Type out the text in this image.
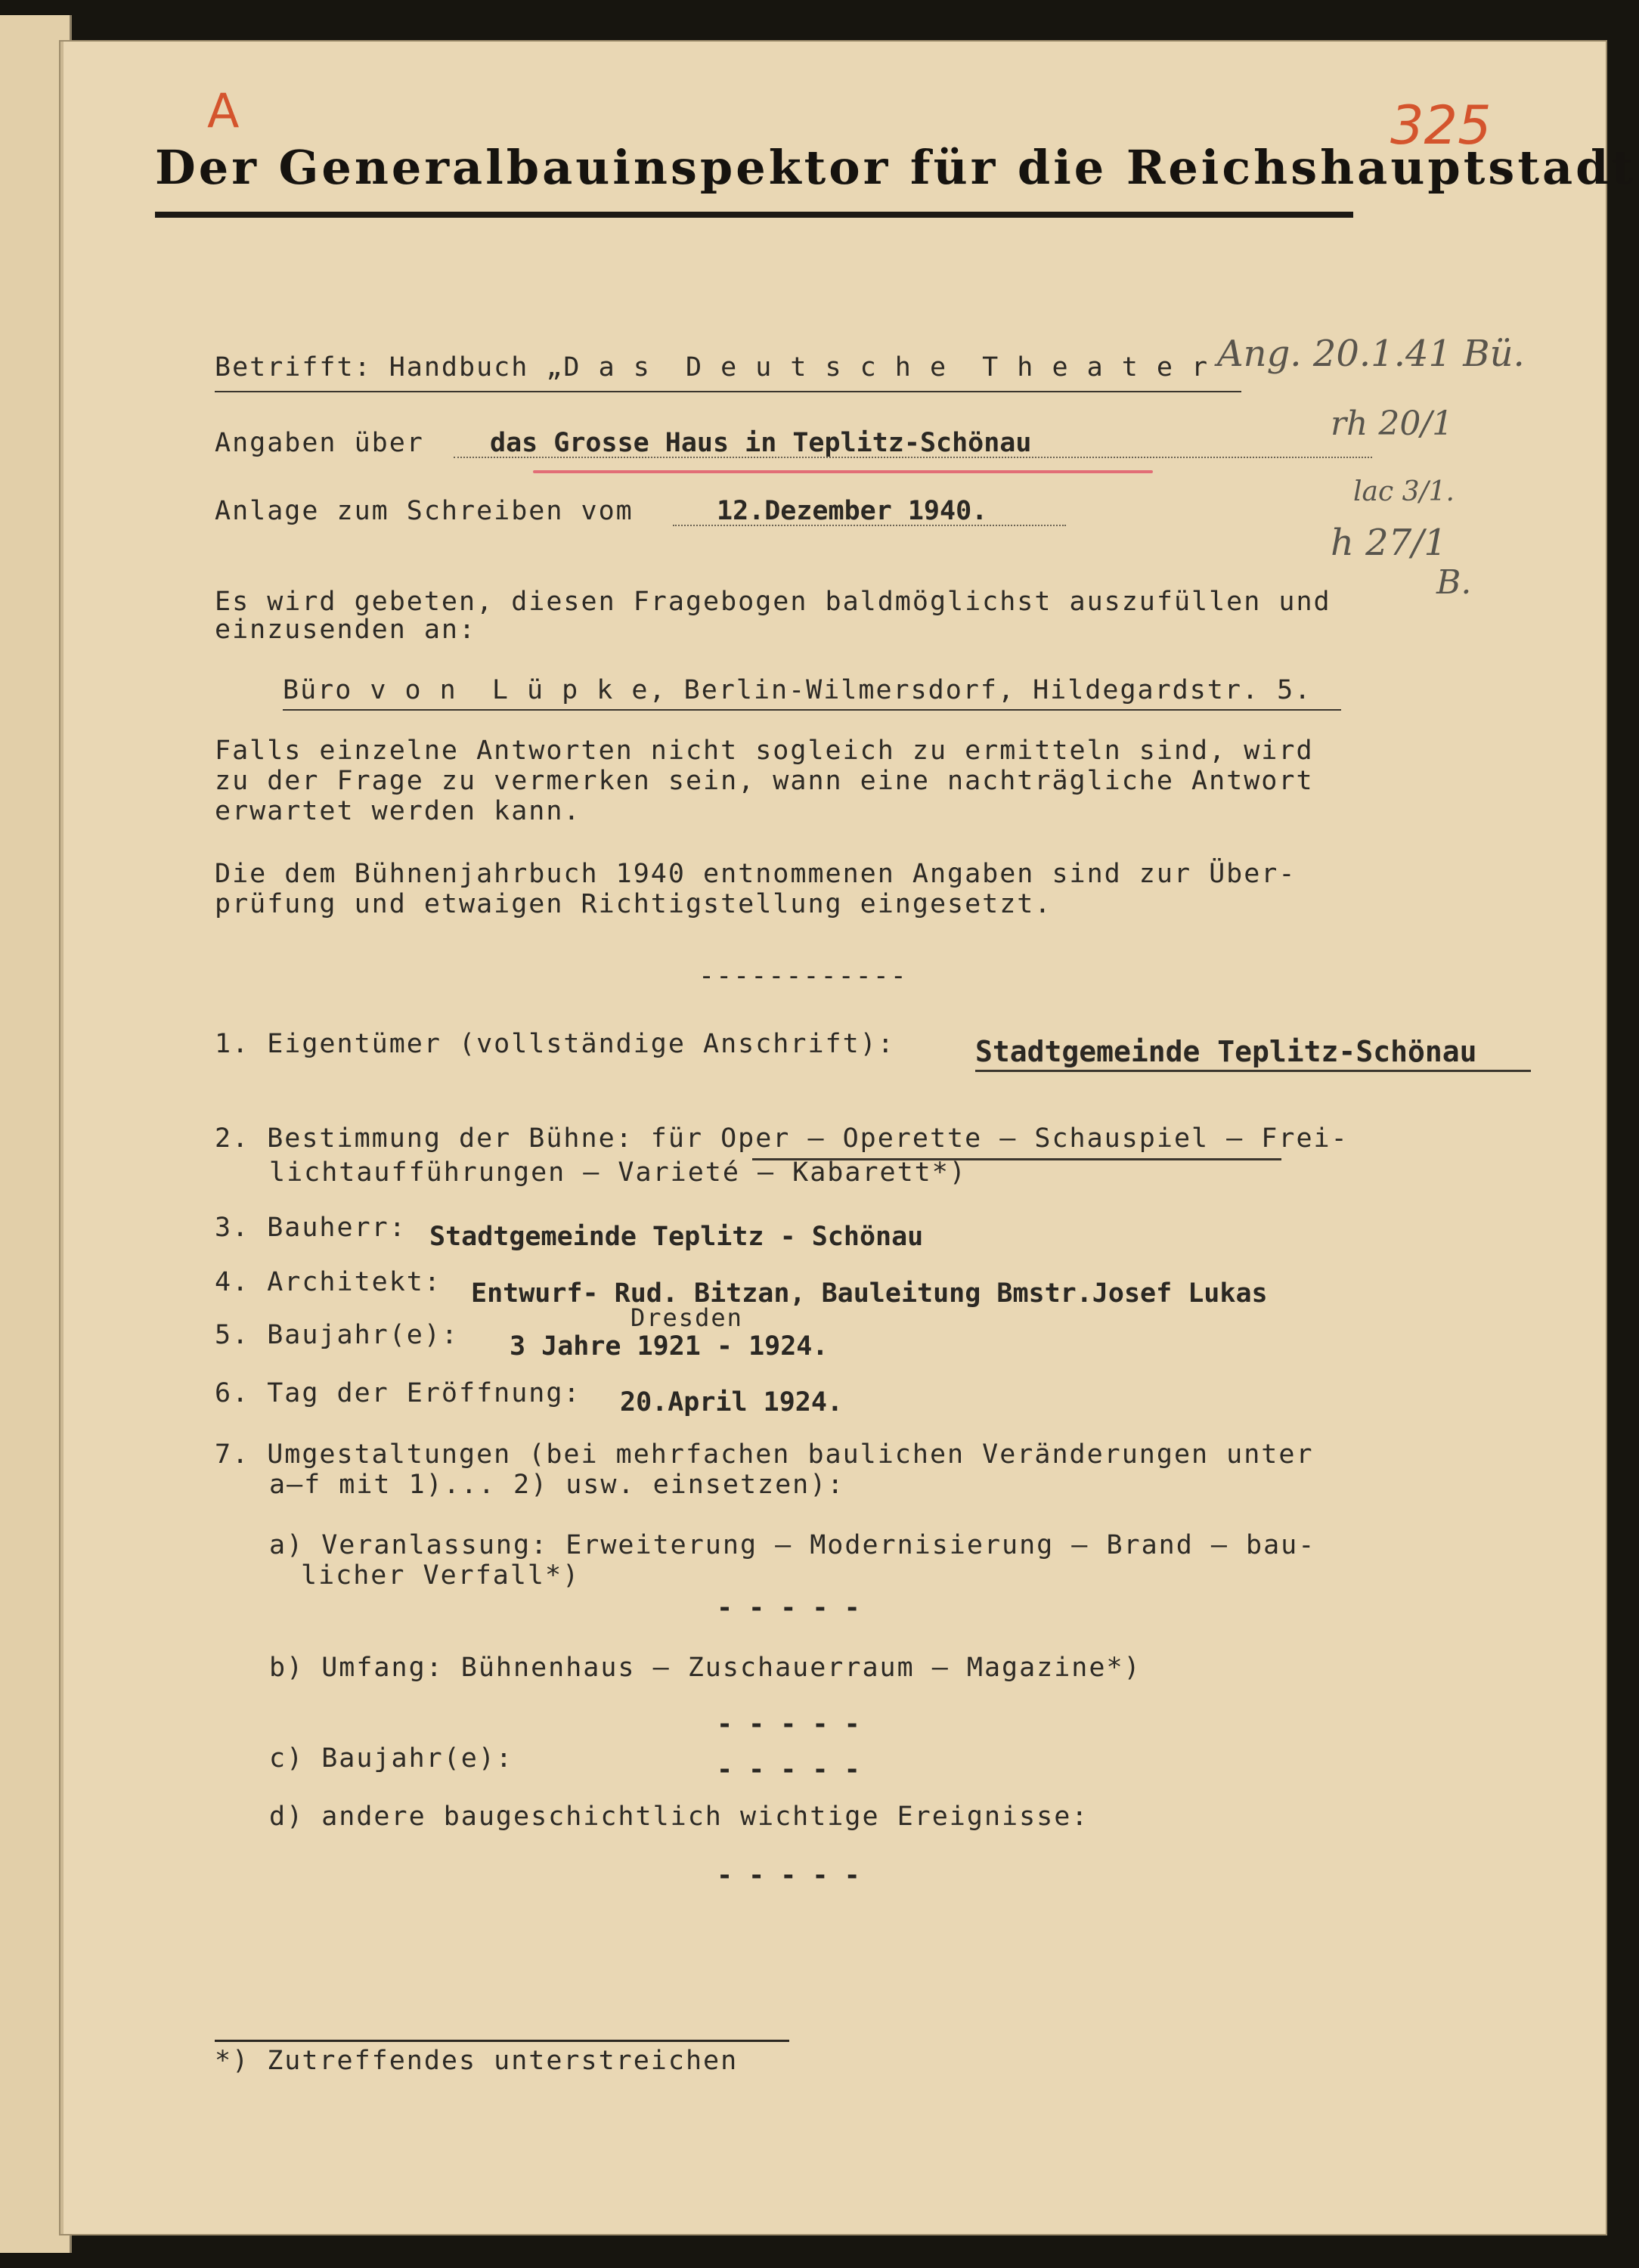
A	325
Der Generalbauinspektor für die Reichshauptstadt
Betrifft: Handbuch „D a s  D e u t s c h e  T h e a t e r Ang. 20.1.41 Bü.
Angaben über das Grosse Haus in Teplitz-Schönau	rh 20/1
Anlage zum Schreiben vom	12.Dezember 1940.
lac 3/1.
h 27/1
B.
Es wird gebeten, diesen Fragebogen baldmöglichst auszufüllen und
einzusenden an:
Büro v o n  L ü p k e, Berlin-Wilmersdorf, Hildegardstr. 5.
Falls einzelne Antworten nicht sogleich zu ermitteln sind, wird
zu der Frage zu vermerken sein, wann eine nachträgliche Antwort
erwartet werden kann.
Die dem Bühnenjahrbuch 1940 entnommenen Angaben sind zur Über-
prüfung und etwaigen Richtigstellung eingesetzt.
------------
1. Eigentümer (vollständige Anschrift):	Stadtgemeinde Teplitz-Schönau
2. Bestimmung der Bühne: für Oper — Operette — Schauspiel — Frei-
lichtaufführungen — Varieté — Kabarett*)
3. Bauherr: Stadtgemeinde Teplitz - Schönau
4. Architekt: Entwurf- Rud. Bitzan, Bauleitung Bmstr.Josef Lukas
Dresden
5. Baujahr(e): 3 Jahre 1921 - 1924.
6. Tag der Eröffnung: 20.April 1924.
7. Umgestaltungen (bei mehrfachen baulichen Veränderungen unter
a—f mit 1)... 2) usw. einsetzen):
a) Veranlassung: Erweiterung — Modernisierung — Brand — bau-
licher Verfall*)
- - - - -
b) Umfang: Bühnenhaus — Zuschauerraum — Magazine*)
- - - - -
c) Baujahr(e):	- - - - -
d) andere baugeschichtlich wichtige Ereignisse:
- - - - -
*) Zutreffendes unterstreichen
